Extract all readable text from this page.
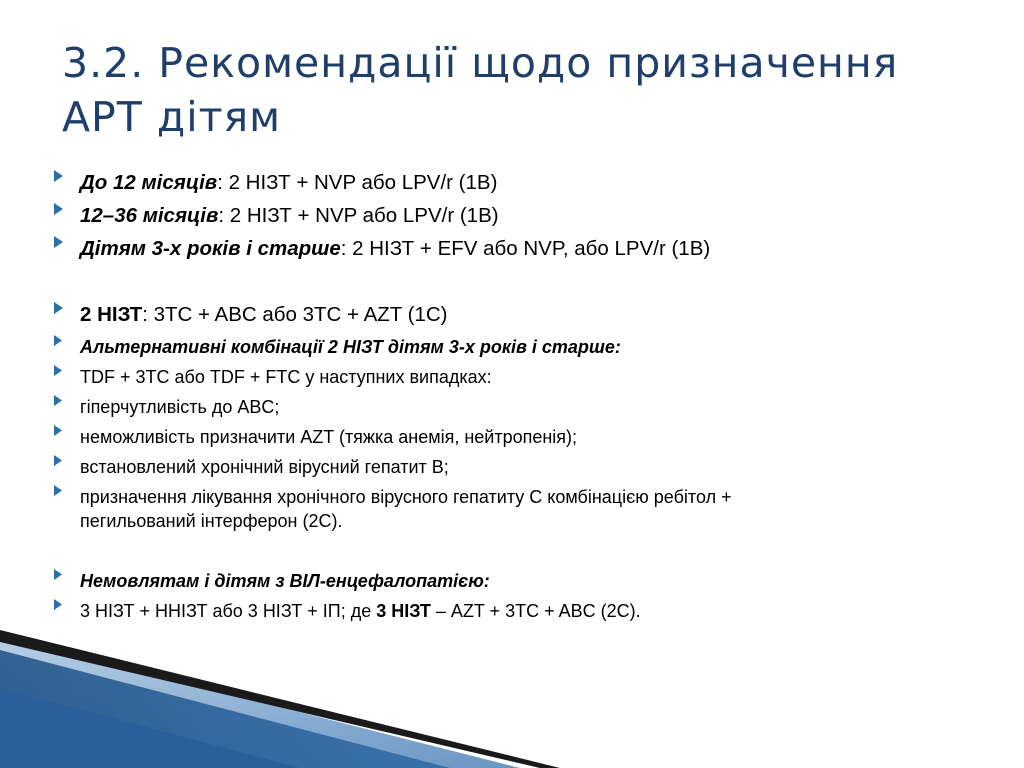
3.2. Рекомендації щодо призначення
АРТ дітям
До 12 місяців: 2 НІЗТ + NVP або LPV/r (1B)
12–36 місяців: 2 НІЗТ + NVP або LPV/r (1B)
Дітям 3-х років і старше: 2 НІЗТ + EFV або NVP, або LPV/r (1B)
2 НІЗТ: 3TC + ABC або 3TC + AZT (1C)
Альтернативні комбінації 2 НІЗТ дітям 3-х років і старше:
TDF + 3TC або TDF + FTC у наступних випадках:
гіперчутливість до ABC;
неможливість призначити AZT (тяжка анемія, нейтропенія);
встановлений хронічний вірусний гепатит B;
призначення лікування хронічного вірусного гепатиту С комбінацією ребітол +
пегильований інтерферон (2С).
Немовлятам і дітям з ВІЛ-енцефалопатією:
3 НІЗТ + ННІЗТ або 3 НІЗТ + ІП; де 3 НІЗТ – AZT + 3TC + ABC (2С).
